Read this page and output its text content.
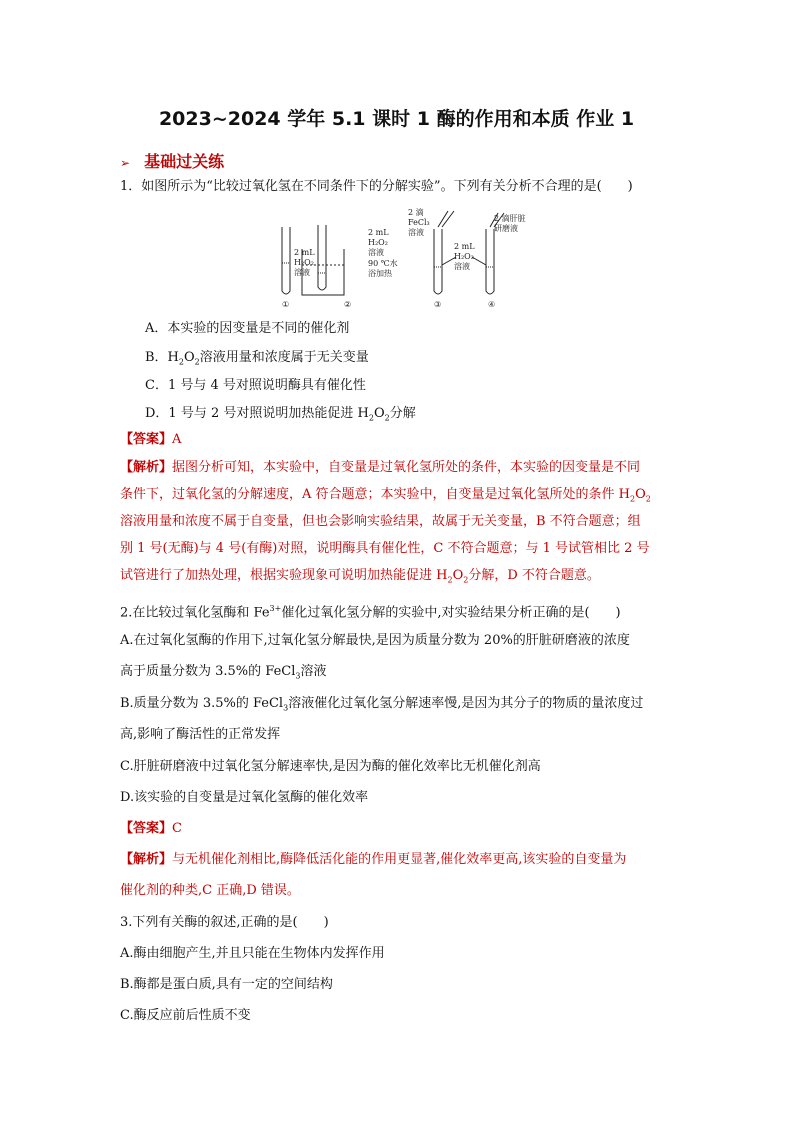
2023~2024 学年 5.1 课时 1 酶的作用和本质 作业 1
➢ 基础过关练
1．如图所示为“比较过氧化氢在不同条件下的分解实验”。下列有关分析不合理的是(　　)
2 mL
H₂O₂
溶液
2 mL
H₂O₂
溶液
90 ℃水
浴加热
2 滴
FeCl₃
溶液
2 mL
H₂O₂
溶液
2 滴肝脏
研磨液
①	②	③	④
A．本实验的因变量是不同的催化剂
B．$H_2O_2$溶液用量和浓度属于无关变量
C．1 号与 4 号对照说明酶具有催化性
D．1 号与 2 号对照说明加热能促进 $H_2O_2$分解
【答案】A
【解析】据图分析可知，本实验中，自变量是过氧化氢所处的条件，本实验的因变量是不同
条件下，过氧化氢的分解速度，A 符合题意；本实验中，自变量是过氧化氢所处的条件 $H_2O_2$
溶液用量和浓度不属于自变量，但也会影响实验结果，故属于无关变量，B 不符合题意；组
别 1 号(无酶)与 4 号(有酶)对照，说明酶具有催化性，C 不符合题意；与 1 号试管相比 2 号
试管进行了加热处理，根据实验现象可说明加热能促进 $H_2O_2$分解，D 不符合题意。
2.在比较过氧化氢酶和 $Fe^{3+}$催化过氧化氢分解的实验中,对实验结果分析正确的是(　　)
A.在过氧化氢酶的作用下,过氧化氢分解最快,是因为质量分数为 20%的肝脏研磨液的浓度
高于质量分数为 3.5%的 FeCl$_3$溶液
B.质量分数为 3.5%的 FeCl$_3$溶液催化过氧化氢分解速率慢,是因为其分子的物质的量浓度过
高,影响了酶活性的正常发挥
C.肝脏研磨液中过氧化氢分解速率快,是因为酶的催化效率比无机催化剂高
D.该实验的自变量是过氧化氢酶的催化效率
【答案】C
【解析】与无机催化剂相比,酶降低活化能的作用更显著,催化效率更高,该实验的自变量为
催化剂的种类,C 正确,D 错误。
3.下列有关酶的叙述,正确的是(　　)
A.酶由细胞产生,并且只能在生物体内发挥作用
B.酶都是蛋白质,具有一定的空间结构
C.酶反应前后性质不变
